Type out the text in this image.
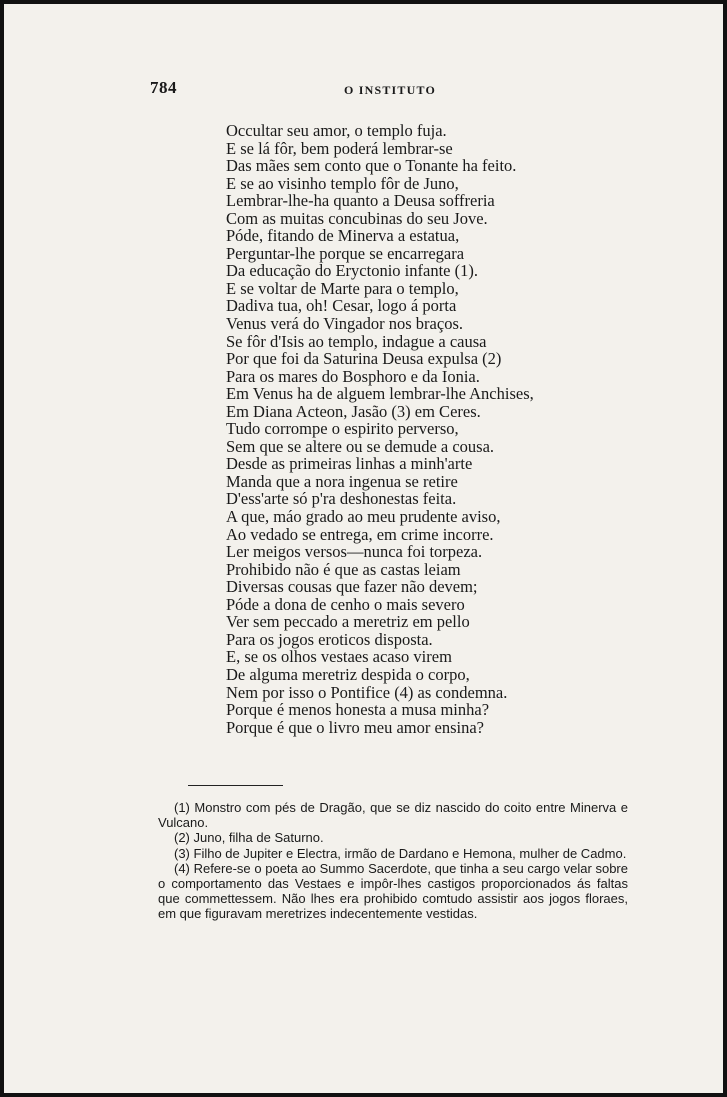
784	O INSTITUTO
Occultar seu amor, o templo fuja.
E se lá fôr, bem poderá lembrar-se
Das mães sem conto que o Tonante ha feito.
E se ao visinho templo fôr de Juno,
Lembrar-lhe-ha quanto a Deusa soffreria
Com as muitas concubinas do seu Jove.
Póde, fitando de Minerva a estatua,
Perguntar-lhe porque se encarregara
Da educação do Eryctonio infante (1).
E se voltar de Marte para o templo,
Dadiva tua, oh! Cesar, logo á porta
Venus verá do Vingador nos braços.
Se fôr d'Isis ao templo, indague a causa
Por que foi da Saturina Deusa expulsa (2)
Para os mares do Bosphoro e da Ionia.
Em Venus ha de alguem lembrar-lhe Anchises,
Em Diana Acteon, Jasão (3) em Ceres.
Tudo corrompe o espirito perverso,
Sem que se altere ou se demude a cousa.
Desde as primeiras linhas a minh'arte
Manda que a nora ingenua se retire
D'ess'arte só p'ra deshonestas feita.
A que, máo grado ao meu prudente aviso,
Ao vedado se entrega, em crime incorre.
Ler meigos versos—nunca foi torpeza.
Prohibido não é que as castas leiam
Diversas cousas que fazer não devem;
Póde a dona de cenho o mais severo
Ver sem peccado a meretriz em pello
Para os jogos eroticos disposta.
E, se os olhos vestaes acaso virem
De alguma meretriz despida o corpo,
Nem por isso o Pontifice (4) as condemna.
Porque é menos honesta a musa minha?
Porque é que o livro meu amor ensina?
(1) Monstro com pés de Dragão, que se diz nascido do coito entre Minerva e Vulcano.
(2) Juno, filha de Saturno.
(3) Filho de Jupiter e Electra, irmão de Dardano e Hemona, mulher de Cadmo.
(4) Refere-se o poeta ao Summo Sacerdote, que tinha a seu cargo velar sobre o comportamento das Vestaes e impôr-lhes castigos proporcionados ás faltas que commettessem. Não lhes era prohibido comtudo assistir aos jogos floraes, em que figuravam meretrizes indecentemente vestidas.
